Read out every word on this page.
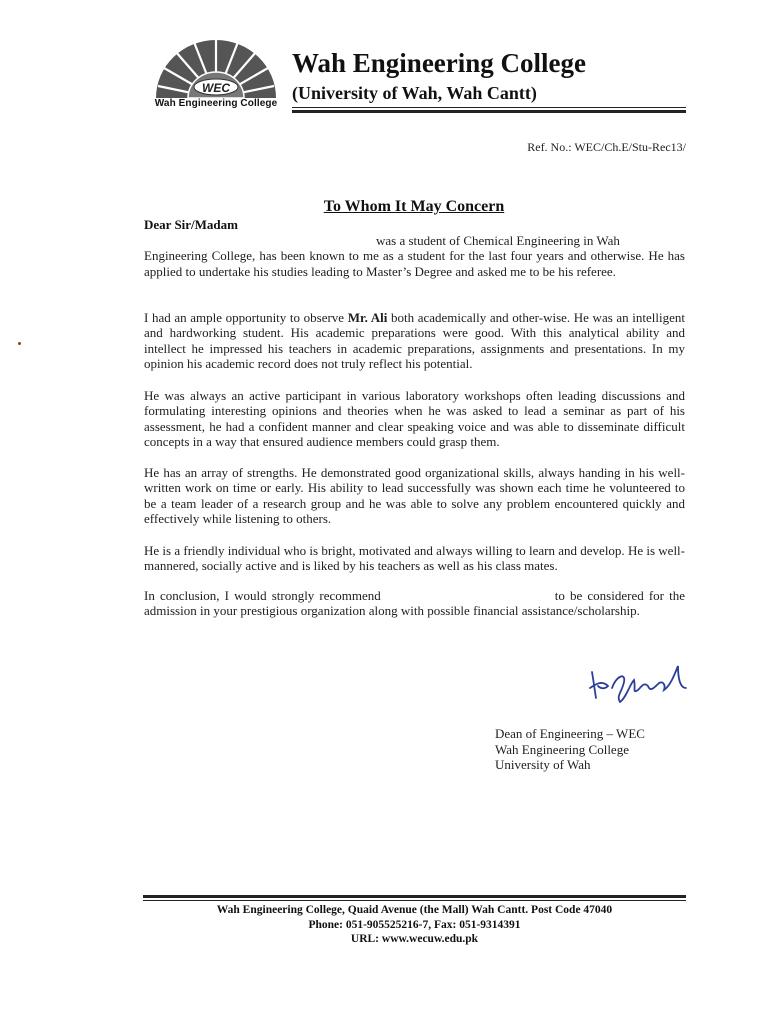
WEC
Wah Engineering College
Wah Engineering College
(University of Wah, Wah Cantt)
Ref. No.: WEC/Ch.E/Stu-Rec13/
To Whom It May Concern
Dear Sir/Madam
was a student of Chemical Engineering in Wah
Engineering College, has been known to me as a student for the last four years and otherwise. He has applied to undertake his studies leading to Master’s Degree and asked me to be his referee.
I had an ample opportunity to observe Mr. Ali both academically and other-wise. He was an intelligent and hardworking student. His academic preparations were good. With this analytical ability and intellect he impressed his teachers in academic preparations, assignments and presentations. In my opinion his academic record does not truly reflect his potential.
He was always an active participant in various laboratory workshops often leading discussions and formulating interesting opinions and theories when he was asked to lead a seminar as part of his assessment, he had a confident manner and clear speaking voice and was able to disseminate difficult concepts in a way that ensured audience members could grasp them.
He has an array of strengths. He demonstrated good organizational skills, always handing in his well-written work on time or early. His ability to lead successfully was shown each time he volunteered to be a team leader of a research group and he was able to solve any problem encountered quickly and effectively while listening to others.
He is a friendly individual who is bright, motivated and always willing to learn and develop. He is well-mannered, socially active and is liked by his teachers as well as his class mates.
In conclusion, I would strongly recommend	to be considered for the admission in your prestigious organization along with possible financial assistance/scholarship.
Dean of Engineering – WEC
Wah Engineering College
University of Wah
Wah Engineering College, Quaid Avenue (the Mall) Wah Cantt. Post Code 47040
Phone: 051-905525216-7, Fax: 051-9314391
URL: www.wecuw.edu.pk
